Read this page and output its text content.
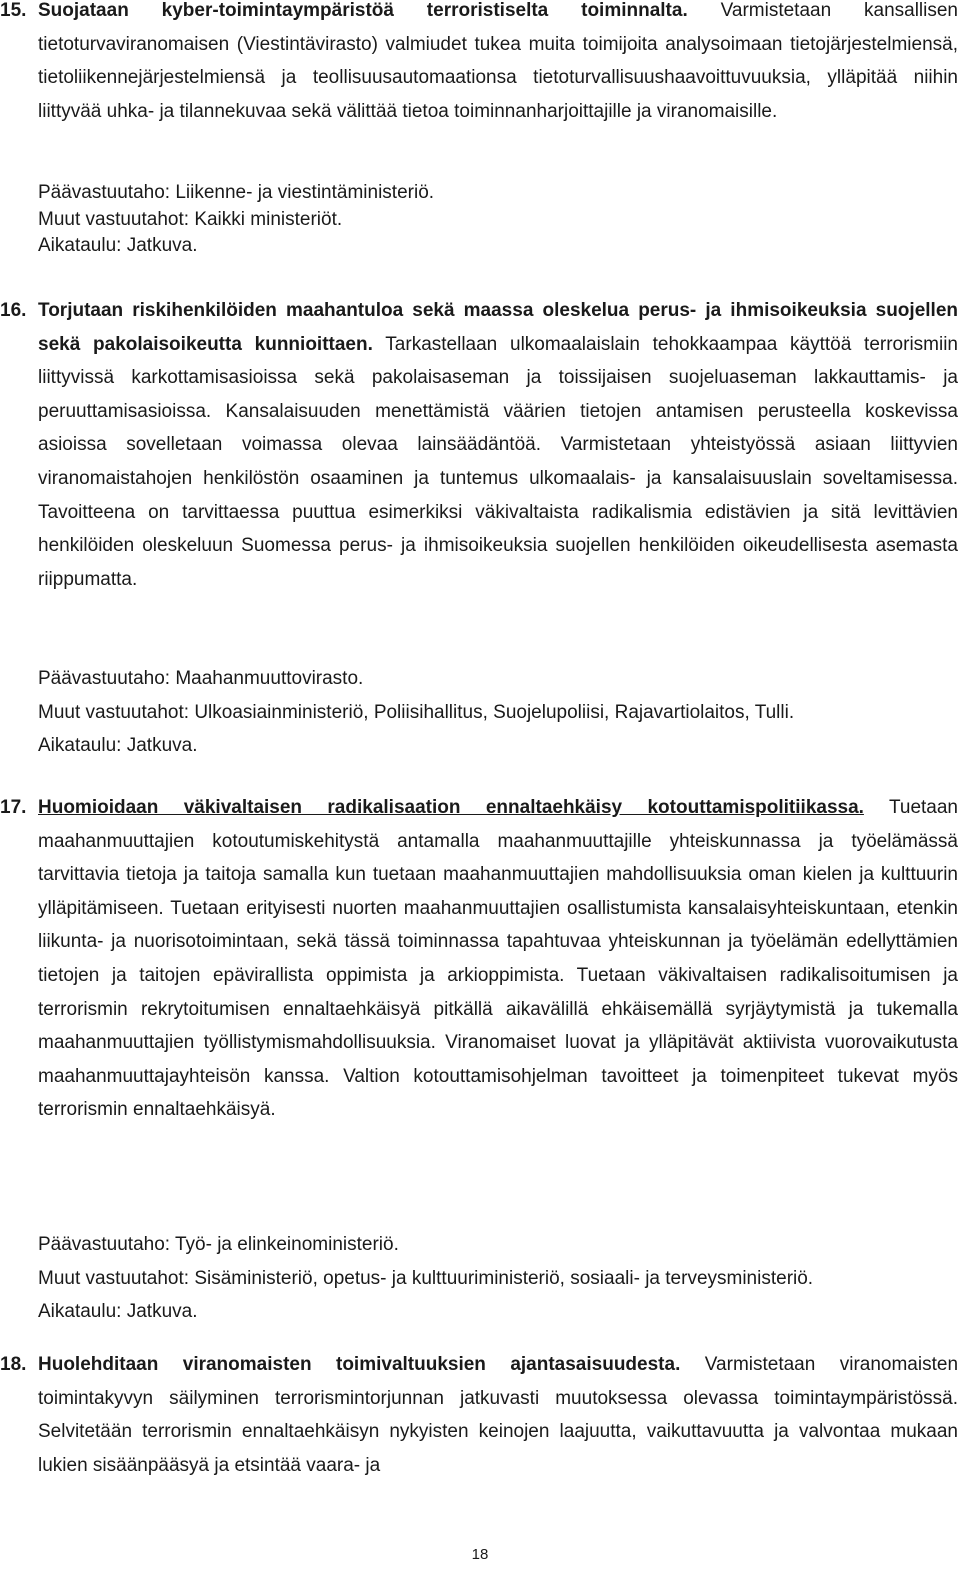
15. Suojataan kyber-toimintaympäristöä terroristiselta toiminnalta. Varmistetaan kansallisen tietoturvaviranomaisen (Viestintävirasto) valmiudet tukea muita toimijoita analysoimaan tietojärjestelmiensä, tietoliikennejärjestelmiensä ja teollisuusautomaationsa tietoturvallisuushaavoittuvuuksia, ylläpitää niihin liittyvää uhka- ja tilannekuvaa sekä välittää tietoa toiminnanharjoittajille ja viranomaisille.

Päävastuutaho: Liikenne- ja viestintäministeriö.

Muut vastuutahot: Kaikki ministeriöt.

Aikataulu: Jatkuva.

16. Torjutaan riskihenkilöiden maahantuloa sekä maassa oleskelua perus- ja ihmisoikeuksia suojellen sekä pakolaisoikeutta kunnioittaen. Tarkastellaan ulkomaalaislain tehokkaampaa käyttöä terrorismiin liittyvissä karkottamisasioissa sekä pakolaisaseman ja toissijaisen suojeluaseman lakkauttamis- ja peruuttamisasioissa. Kansalaisuuden menettämistä väärien tietojen antamisen perusteella koskevissa asioissa sovelletaan voimassa olevaa lainsäädäntöä. Varmistetaan yhteistyössä asiaan liittyvien viranomaistahojen henkilöstön osaaminen ja tuntemus ulkomaalais- ja kansalaisuuslain soveltamisessa. Tavoitteena on tarvittaessa puuttua esimerkiksi väkivaltaista radikalismia edistävien ja sitä levittävien henkilöiden oleskeluun Suomessa perus- ja ihmisoikeuksia suojellen henkilöiden oikeudellisesta asemasta riippumatta.

Päävastuutaho: Maahanmuuttovirasto.

Muut vastuutahot: Ulkoasiainministeriö, Poliisihallitus, Suojelupoliisi, Rajavartiolaitos, Tulli.

Aikataulu: Jatkuva.

17. Huomioidaan väkivaltaisen radikalisaation ennaltaehkäisy kotouttamispolitiikassa. Tuetaan maahanmuuttajien kotoutumiskehitystä antamalla maahanmuuttajille yhteiskunnassa ja työelämässä tarvittavia tietoja ja taitoja samalla kun tuetaan maahanmuuttajien mahdollisuuksia oman kielen ja kulttuurin ylläpitämiseen. Tuetaan erityisesti nuorten maahanmuuttajien osallistumista kansalaisyhteiskuntaan, etenkin liikunta- ja nuorisotoimintaan, sekä tässä toiminnassa tapahtuvaa yhteiskunnan ja työelämän edellyttämien tietojen ja taitojen epävirallista oppimista ja arkioppimista. Tuetaan väkivaltaisen radikalisoitumisen ja terrorismin rekrytoitumisen ennaltaehkäisyä pitkällä aikavälillä ehkäisemällä syrjäytymistä ja tukemalla maahanmuuttajien työllistymismahdollisuuksia. Viranomaiset luovat ja ylläpitävät aktiivista vuorovaikutusta maahanmuuttajayhteisön kanssa. Valtion kotouttamisohjelman tavoitteet ja toimenpiteet tukevat myös terrorismin ennaltaehkäisyä.

Päävastuutaho: Työ- ja elinkeinoministeriö.

Muut vastuutahot: Sisäministeriö, opetus- ja kulttuuriministeriö, sosiaali- ja terveysministeriö.

Aikataulu: Jatkuva.

18. Huolehditaan viranomaisten toimivaltuuksien ajantasaisuudesta. Varmistetaan viranomaisten toimintakyvyn säilyminen terrorismintorjunnan jatkuvasti muutoksessa olevassa toimintaympäristössä. Selvitetään terrorismin ennaltaehkäisyn nykyisten keinojen laajuutta, vaikuttavuutta ja valvontaa mukaan lukien sisäänpääsyä ja etsintää vaara- ja

18
